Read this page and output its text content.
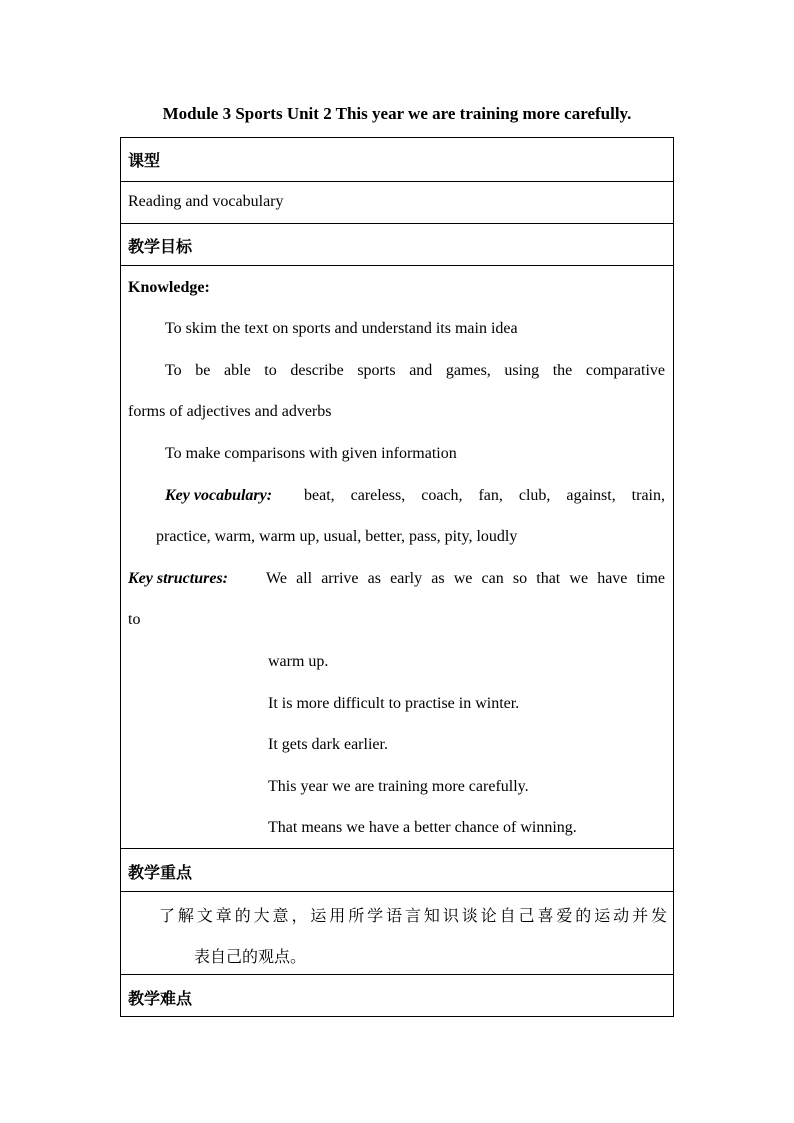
Module 3 Sports Unit 2 This year we are training more carefully.
课型
Reading and vocabulary
教学目标
Knowledge:
To skim the text on sports and understand its main idea
To be able to describe sports and games, using the comparative
forms of adjectives and adverbs
To make comparisons with given information
Key vocabulary: beat, careless, coach, fan, club, against, train,
practice, warm, warm up, usual, better, pass, pity, loudly
Key structures: We all arrive as early as we can so that we have time
to
warm up.
It is more difficult to practise in winter.
It gets dark earlier.
This year we are training more carefully.
That means we have a better chance of winning.
教学重点
了解文章的大意，运用所学语言知识谈论自己喜爱的运动并发
表自己的观点。
教学难点
